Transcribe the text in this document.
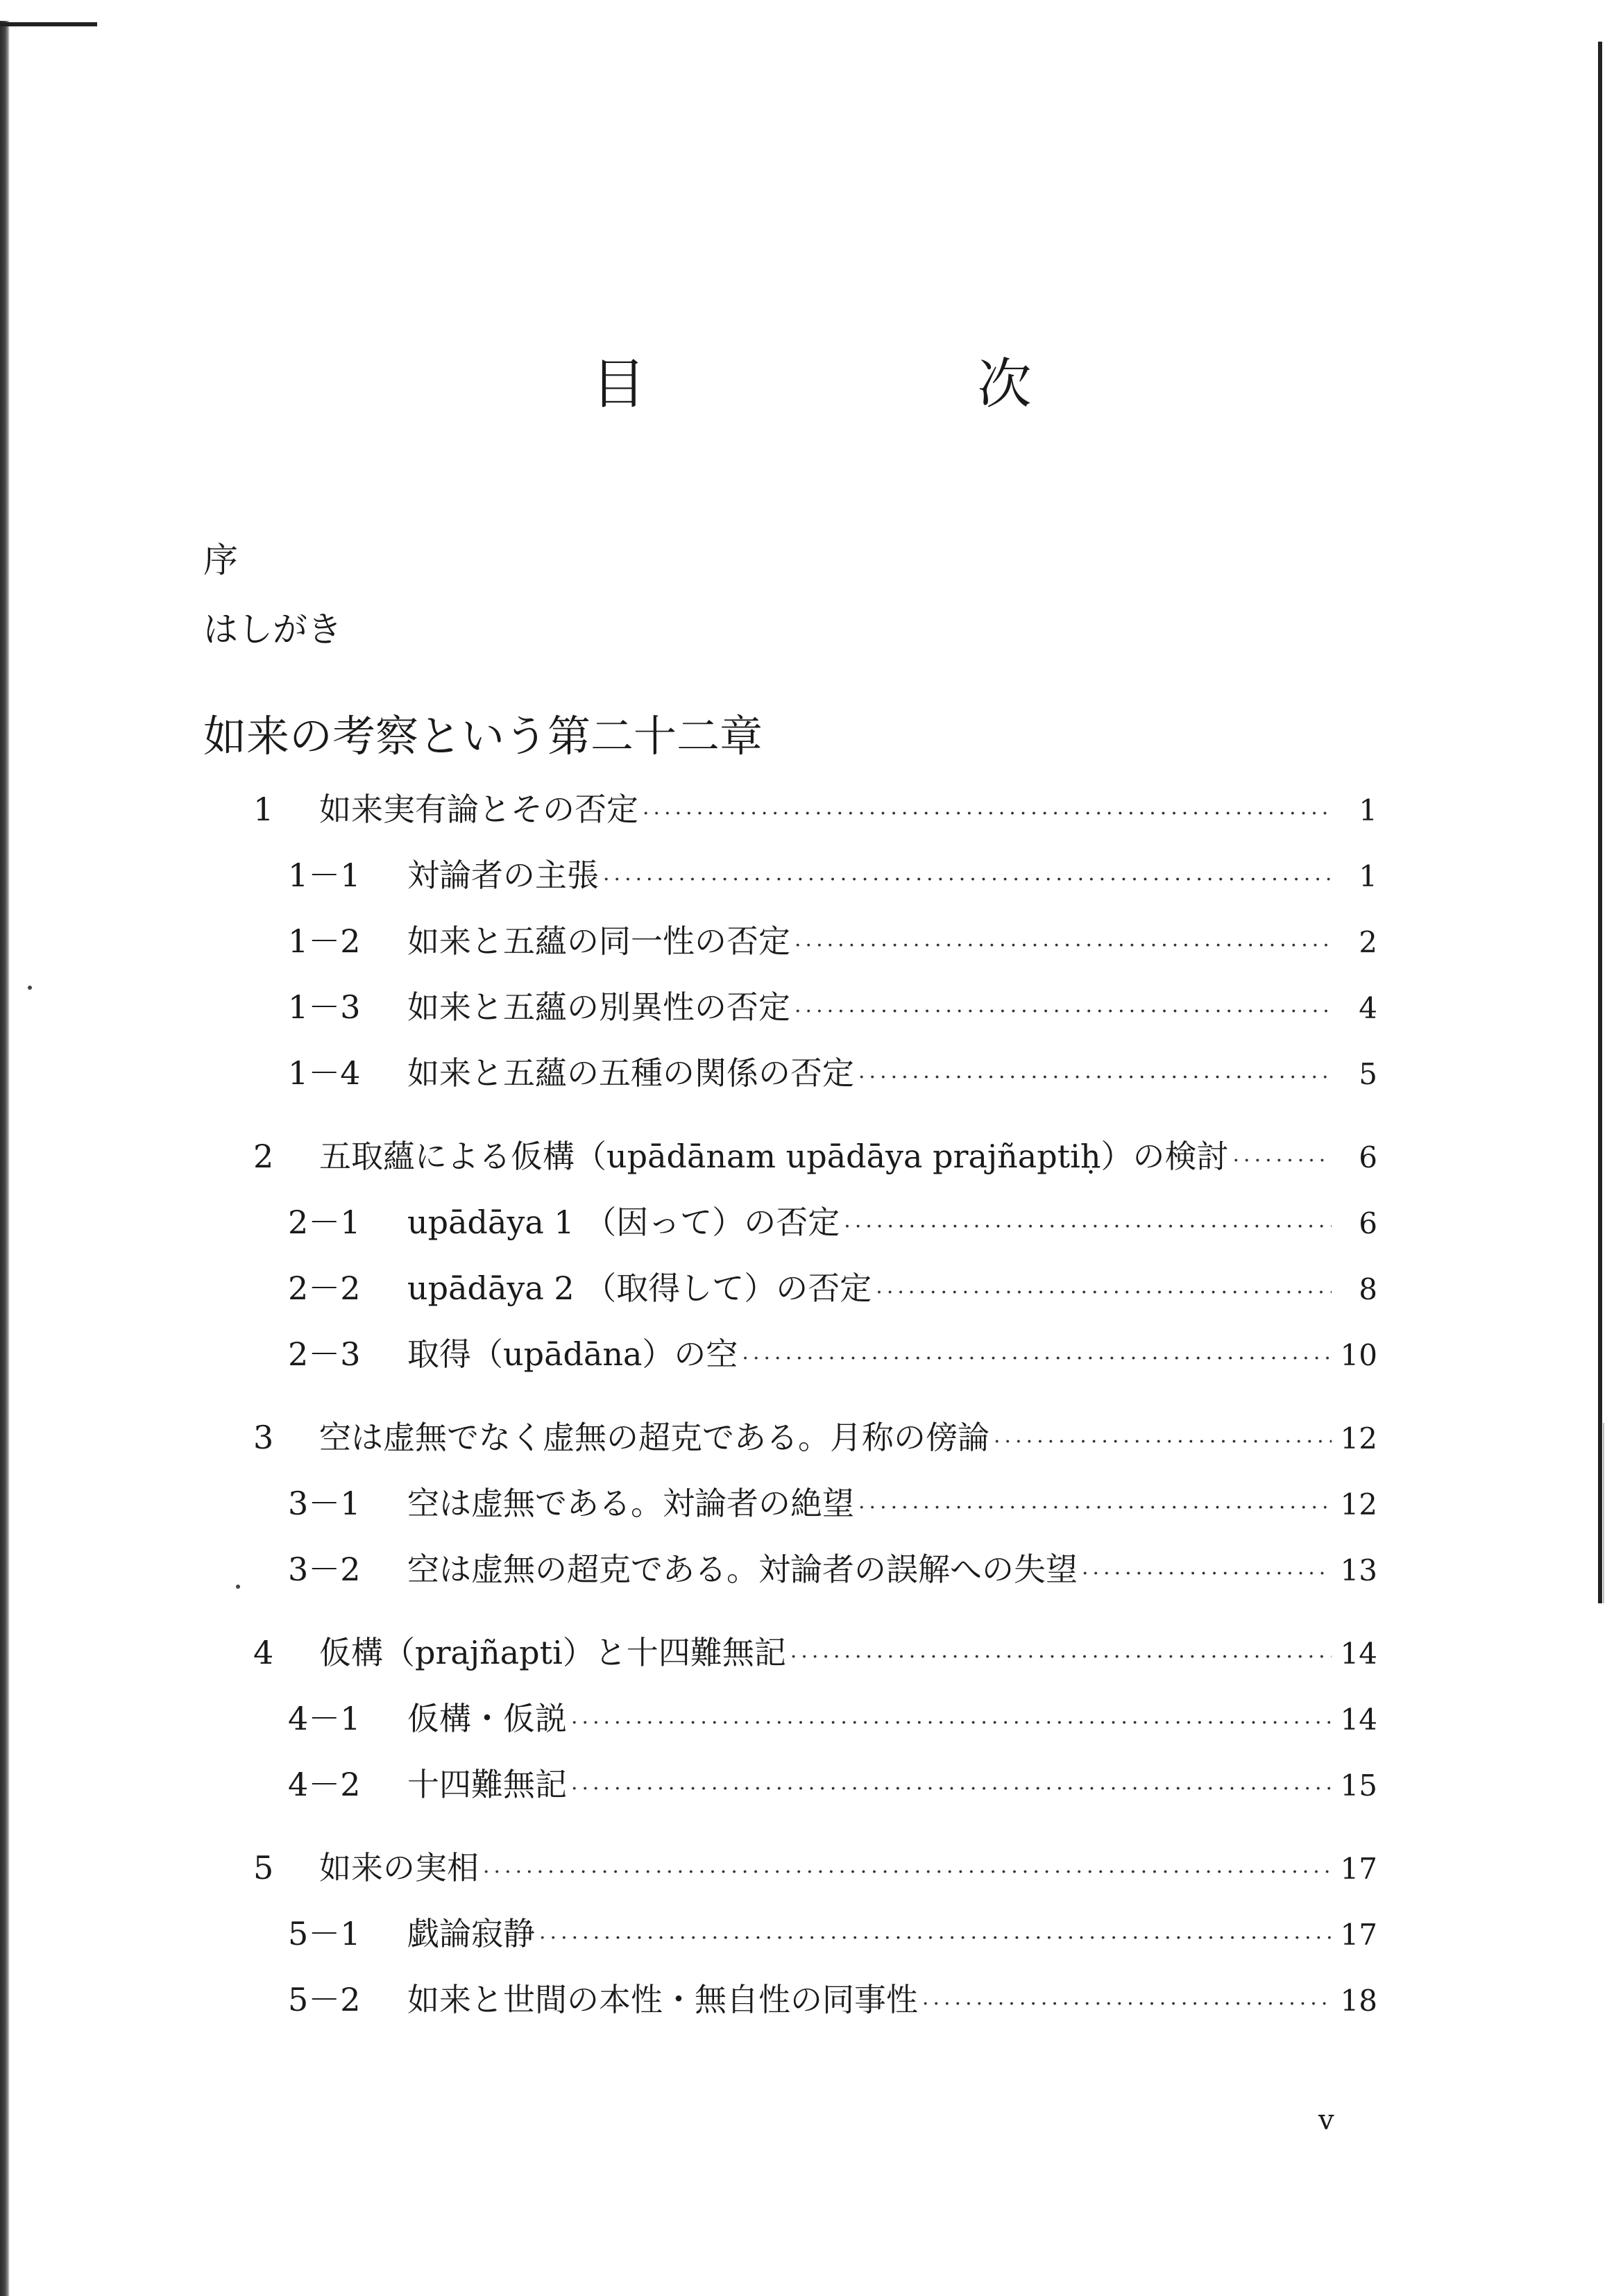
目　次
序
はしがき
如来の考察という第二十二章
1	如来実有論とその否定 ·····	1
1－1	対論者の主張 ·····	1
1－2	如来と五蘊の同一性の否定 ·····	2
1－3	如来と五蘊の別異性の否定 ·····	4
1－4	如来と五蘊の五種の関係の否定 ·····	5
2	五取蘊による仮構（upādānam upādāya prajñaptiḥ）の検討 ·····	6
2－1	upādāya 1 （因って）の否定 ·····	6
2－2	upādāya 2 （取得して）の否定 ·····	8
2－3	取得（upādāna）の空 ·····	10
3	空は虚無でなく虚無の超克である。月称の傍論 ·····	12
3－1	空は虚無である。対論者の絶望 ·····	12
3－2	空は虚無の超克である。対論者の誤解への失望 ·····	13
4	仮構（prajñapti）と十四難無記 ·····	14
4－1	仮構・仮説 ·····	14
4－2	十四難無記 ·····	15
5	如来の実相 ·····	17
5－1	戯論寂静 ·····	17
5－2	如来と世間の本性・無自性の同事性 ·····	18
v
